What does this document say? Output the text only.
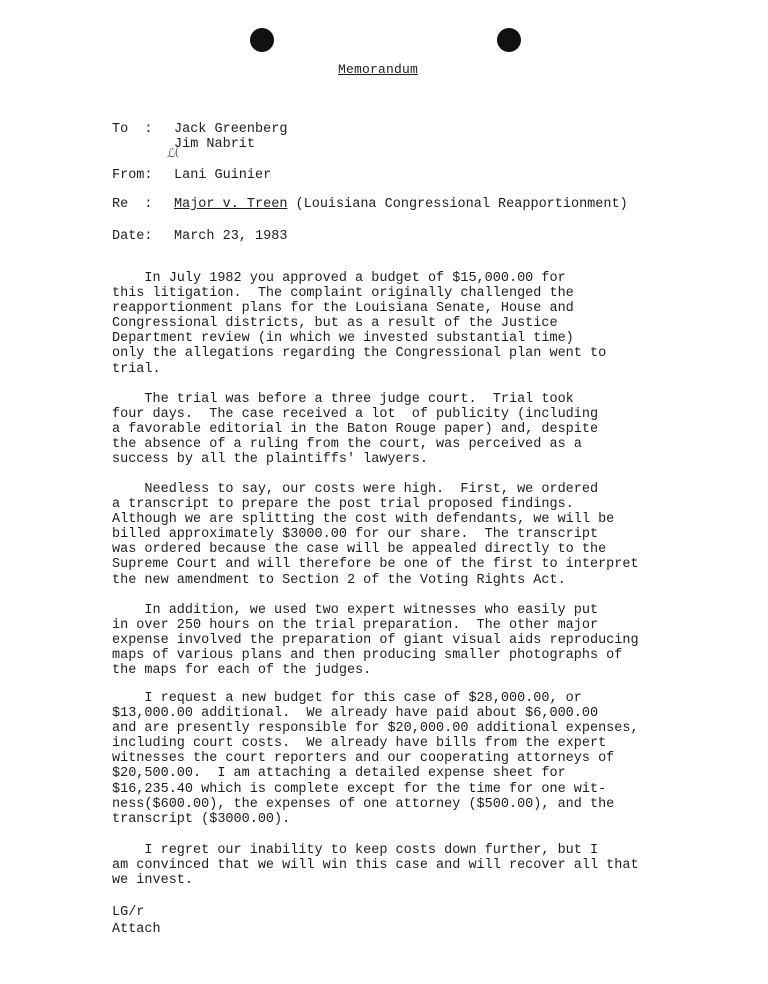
Memorandum
To  : Jack Greenberg
Jim Nabrit
ℒ(
From: Lani Guinier
Re  : Major v. Treen (Louisiana Congressional Reapportionment)
Date: March 23, 1983
In July 1982 you approved a budget of $15,000.00 for
this litigation.  The complaint originally challenged the
reapportionment plans for the Louisiana Senate, House and
Congressional districts, but as a result of the Justice
Department review (in which we invested substantial time)
only the allegations regarding the Congressional plan went to
trial.
The trial was before a three judge court.  Trial took
four days.  The case received a lot  of publicity (including
a favorable editorial in the Baton Rouge paper) and, despite
the absence of a ruling from the court, was perceived as a
success by all the plaintiffs' lawyers.
Needless to say, our costs were high.  First, we ordered
a transcript to prepare the post trial proposed findings.
Although we are splitting the cost with defendants, we will be
billed approximately $3000.00 for our share.  The transcript
was ordered because the case will be appealed directly to the
Supreme Court and will therefore be one of the first to interpret
the new amendment to Section 2 of the Voting Rights Act.
In addition, we used two expert witnesses who easily put
in over 250 hours on the trial preparation.  The other major
expense involved the preparation of giant visual aids reproducing
maps of various plans and then producing smaller photographs of
the maps for each of the judges.
I request a new budget for this case of $28,000.00, or
$13,000.00 additional.  We already have paid about $6,000.00
and are presently responsible for $20,000.00 additional expenses,
including court costs.  We already have bills from the expert
witnesses the court reporters and our cooperating attorneys of
$20,500.00.  I am attaching a detailed expense sheet for
$16,235.40 which is complete except for the time for one wit-
ness($600.00), the expenses of one attorney ($500.00), and the
transcript ($3000.00).
I regret our inability to keep costs down further, but I
am convinced that we will win this case and will recover all that
we invest.
LG/r
Attach
